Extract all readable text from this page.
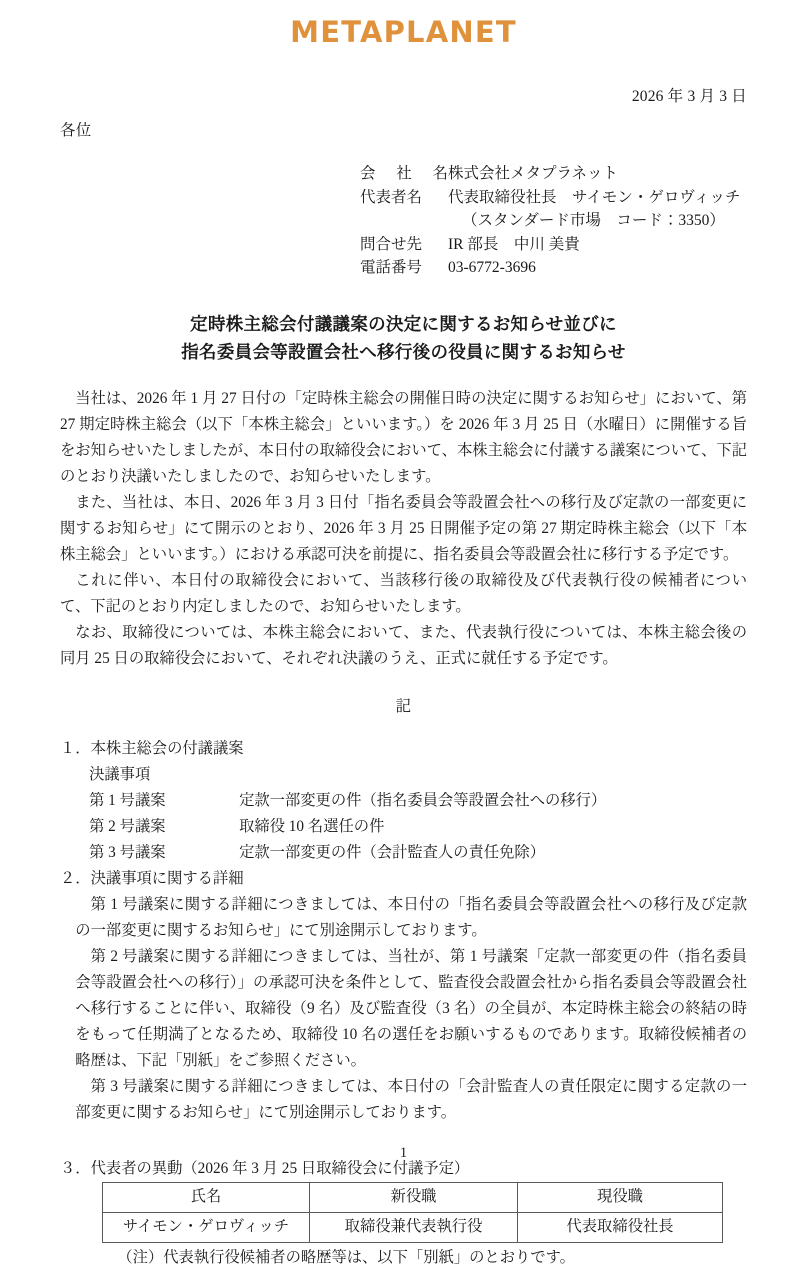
METAPLANET
2026 年 3 月 3 日
各位
会 社 名 株式会社メタプラネット
代表者名	代表取締役社長　サイモン・ゲロヴィッチ
（スタンダード市場　コード：3350）
問合せ先	IR 部長　中川 美貴
電話番号	03-6772-3696
定時株主総会付議議案の決定に関するお知らせ並びに
指名委員会等設置会社へ移行後の役員に関するお知らせ

当社は、2026 年 1 月 27 日付の「定時株主総会の開催日時の決定に関するお知らせ」において、第 27 期定時株主総会（以下「本株主総会」といいます。）を 2026 年 3 月 25 日（水曜日）に開催する旨をお知らせいたしましたが、本日付の取締役会において、本株主総会に付議する議案について、下記のとおり決議いたしましたので、お知らせいたします。

また、当社は、本日、2026 年 3 月 3 日付「指名委員会等設置会社への移行及び定款の一部変更に関するお知らせ」にて開示のとおり、2026 年 3 月 25 日開催予定の第 27 期定時株主総会（以下「本株主総会」といいます。）における承認可決を前提に、指名委員会等設置会社に移行する予定です。

これに伴い、本日付の取締役会において、当該移行後の取締役及び代表執行役の候補者について、下記のとおり内定しましたので、お知らせいたします。

なお、取締役については、本株主総会において、また、代表執行役については、本株主総会後の同月 25 日の取締役会において、それぞれ決議のうえ、正式に就任する予定です。

記

１．本株主総会の付議議案

決議事項

第 1 号議案	定款一部変更の件（指名委員会等設置会社への移行）
第 2 号議案	取締役 10 名選任の件
第 3 号議案	定款一部変更の件（会計監査人の責任免除）

２．決議事項に関する詳細

第 1 号議案に関する詳細につきましては、本日付の「指名委員会等設置会社への移行及び定款の一部変更に関するお知らせ」にて別途開示しております。

第 2 号議案に関する詳細につきましては、当社が、第 1 号議案「定款一部変更の件（指名委員会等設置会社への移行）」の承認可決を条件として、監査役会設置会社から指名委員会等設置会社へ移行することに伴い、取締役（9 名）及び監査役（3 名）の全員が、本定時株主総会の終結の時をもって任期満了となるため、取締役 10 名の選任をお願いするものであります。取締役候補者の略歴は、下記「別紙」をご参照ください。

第 3 号議案に関する詳細につきましては、本日付の「会計監査人の責任限定に関する定款の一部変更に関するお知らせ」にて別途開示しております。

３．代表者の異動（2026 年 3 月 25 日取締役会に付議予定）

氏名	新役職	現役職
サイモン・ゲロヴィッチ	取締役兼代表執行役	代表取締役社長

（注）代表執行役候補者の略歴等は、以下「別紙」のとおりです。

1
